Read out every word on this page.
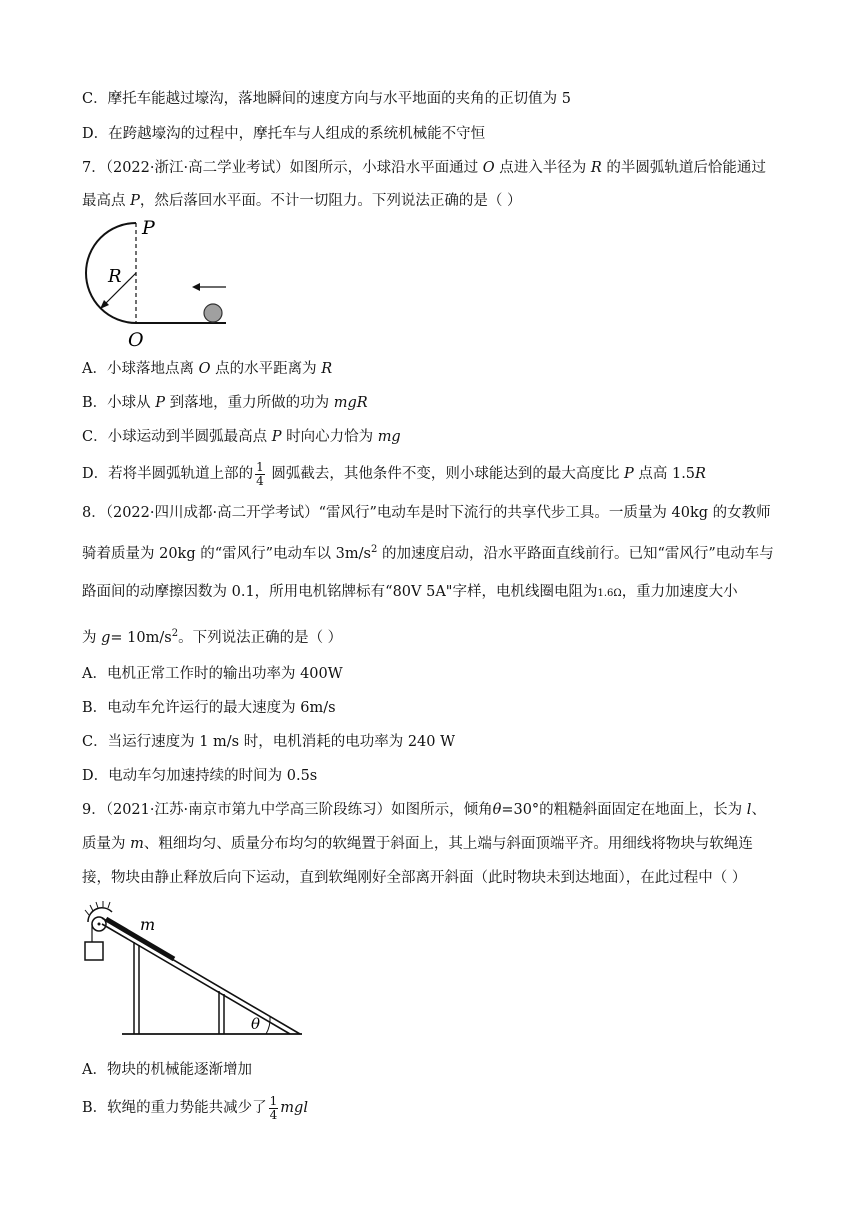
C．摩托车能越过壕沟，落地瞬间的速度方向与水平地面的夹角的正切值为 5
D．在跨越壕沟的过程中，摩托车与人组成的系统机械能不守恒
7．（2022·浙江·高二学业考试）如图所示，小球沿水平面通过 O 点进入半径为 R 的半圆弧轨道后恰能通过
最高点 P，然后落回水平面。不计一切阻力。下列说法正确的是（ ）
P
R
O
A．小球落地点离 O 点的水平距离为 R
B．小球从 P 到落地，重力所做的功为 mgR
C．小球运动到半圆弧最高点 P 时向心力恰为 mg
D．若将半圆弧轨道上部的 $\frac{1}{4}$ 圆弧截去，其他条件不变，则小球能达到的最大高度比 P 点高 1.5R
8．（2022·四川成都·高二开学考试）“雷风行”电动车是时下流行的共享代步工具。一质量为 40kg 的女教师
骑着质量为 20kg 的“雷风行”电动车以 $3m/s^2$ 的加速度启动，沿水平路面直线前行。已知“雷风行”电动车与
路面间的动摩擦因数为 0.1，所用电机铭牌标有“80V 5A"字样，电机线圈电阻为1.6Ω，重力加速度大小
为 $g= 10m/s^2$。下列说法正确的是（ ）
A．电机正常工作时的输出功率为 400W
B．电动车允许运行的最大速度为 6m/s
C．当运行速度为 1 m/s 时，电机消耗的电功率为 240 W
D．电动车匀加速持续的时间为 0.5s
9．（2021·江苏·南京市第九中学高三阶段练习）如图所示，倾角θ=30°的粗糙斜面固定在地面上，长为 l、
质量为 m、粗细均匀、质量分布均匀的软绳置于斜面上，其上端与斜面顶端平齐。用细线将物块与软绳连
接，物块由静止释放后向下运动，直到软绳刚好全部离开斜面（此时物块未到达地面），在此过程中（ ）
m
θ
A．物块的机械能逐渐增加
B．软绳的重力势能共减少了 $\frac{1}{4}$ mgl
